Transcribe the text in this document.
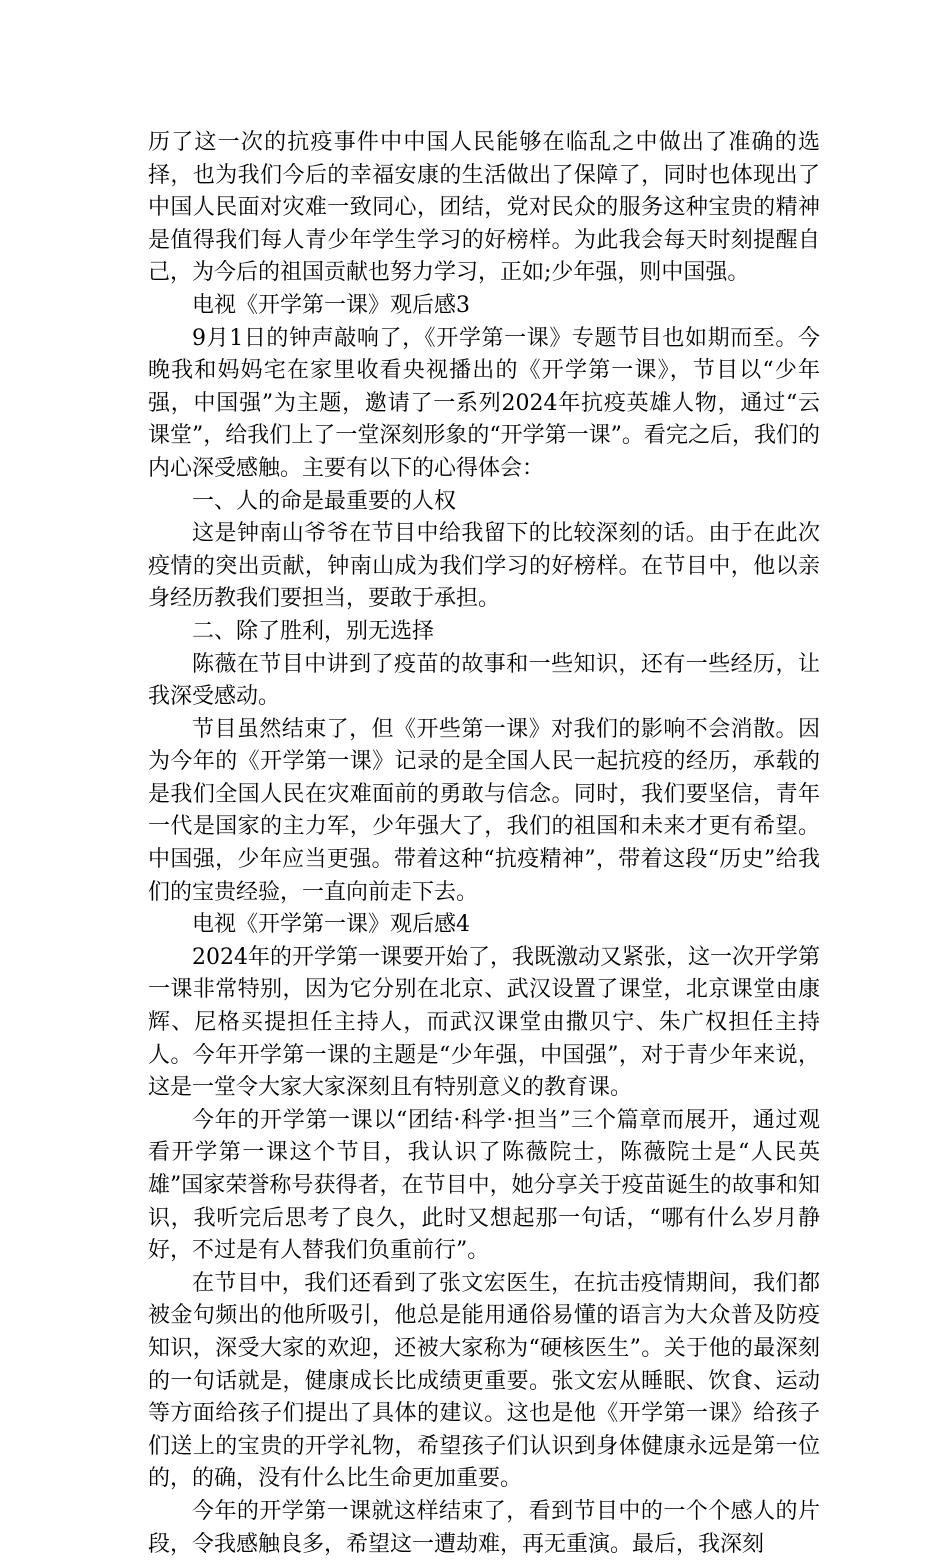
历了这一次的抗疫事件中中国人民能够在临乱之中做出了准确的选择，也为我们今后的幸福安康的生活做出了保障了，同时也体现出了中国人民面对灾难一致同心，团结，党对民众的服务这种宝贵的精神是值得我们每人青少年学生学习的好榜样。为此我会每天时刻提醒自己，为今后的祖国贡献也努力学习，正如;少年强，则中国强。

电视《开学第一课》观后感3

9月1日的钟声敲响了，《开学第一课》专题节目也如期而至。今晚我和妈妈宅在家里收看央视播出的《开学第一课》，节目以“少年强，中国强”为主题，邀请了一系列2024年抗疫英雄人物，通过“云课堂”，给我们上了一堂深刻形象的“开学第一课”。看完之后，我们的内心深受感触。主要有以下的心得体会：

一、人的命是最重要的人权

这是钟南山爷爷在节目中给我留下的比较深刻的话。由于在此次疫情的突出贡献，钟南山成为我们学习的好榜样。在节目中，他以亲身经历教我们要担当，要敢于承担。

二、除了胜利，别无选择

陈薇在节目中讲到了疫苗的故事和一些知识，还有一些经历，让我深受感动。

节目虽然结束了，但《开些第一课》对我们的影响不会消散。因为今年的《开学第一课》记录的是全国人民一起抗疫的经历，承载的是我们全国人民在灾难面前的勇敢与信念。同时，我们要坚信，青年一代是国家的主力军，少年强大了，我们的祖国和未来才更有希望。中国强，少年应当更强。带着这种“抗疫精神”，带着这段“历史”给我们的宝贵经验，一直向前走下去。

电视《开学第一课》观后感4

2024年的开学第一课要开始了，我既激动又紧张，这一次开学第一课非常特别，因为它分别在北京、武汉设置了课堂，北京课堂由康辉、尼格买提担任主持人，而武汉课堂由撒贝宁、朱广权担任主持人。今年开学第一课的主题是“少年强，中国强”，对于青少年来说，这是一堂令大家大家深刻且有特别意义的教育课。

今年的开学第一课以“团结·科学·担当”三个篇章而展开，通过观看开学第一课这个节目，我认识了陈薇院士，陈薇院士是“人民英雄”国家荣誉称号获得者，在节目中，她分享关于疫苗诞生的故事和知识，我听完后思考了良久，此时又想起那一句话，“哪有什么岁月静好，不过是有人替我们负重前行”。

在节目中，我们还看到了张文宏医生，在抗击疫情期间，我们都被金句频出的他所吸引，他总是能用通俗易懂的语言为大众普及防疫知识，深受大家的欢迎，还被大家称为“硬核医生”。关于他的最深刻的一句话就是，健康成长比成绩更重要。张文宏从睡眠、饮食、运动等方面给孩子们提出了具体的建议。这也是他《开学第一课》给孩子们送上的宝贵的开学礼物，希望孩子们认识到身体健康永远是第一位的，的确，没有什么比生命更加重要。

今年的开学第一课就这样结束了，看到节目中的一个个感人的片段，令我感触良多，希望这一遭劫难，再无重演。最后，我深刻
